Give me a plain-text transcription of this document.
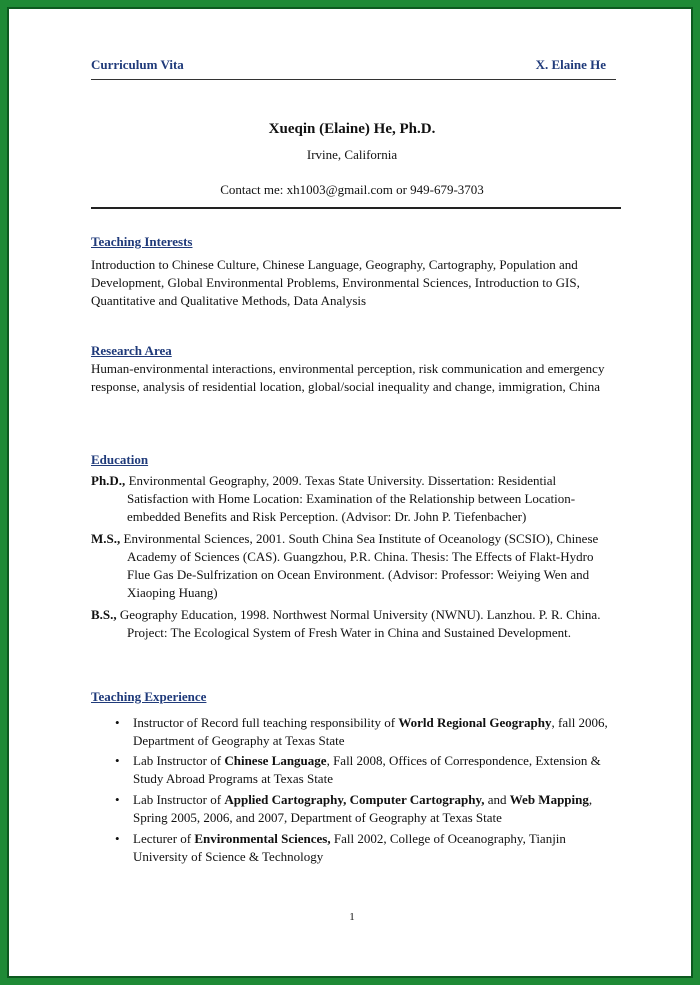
Curriculum Vita	X. Elaine He
Xueqin (Elaine) He, Ph.D.
Irvine, California
Contact me: xh1003@gmail.com or 949-679-3703
Teaching Interests
Introduction to Chinese Culture, Chinese Language, Geography, Cartography, Population and Development, Global Environmental Problems, Environmental Sciences, Introduction to GIS, Quantitative and Qualitative Methods, Data Analysis
Research Area
Human-environmental interactions, environmental perception, risk communication and emergency response, analysis of residential location, global/social inequality and change, immigration, China
Education
Ph.D., Environmental Geography, 2009. Texas State University. Dissertation: Residential Satisfaction with Home Location: Examination of the Relationship between Location-embedded Benefits and Risk Perception. (Advisor: Dr. John P. Tiefenbacher)
M.S., Environmental Sciences, 2001. South China Sea Institute of Oceanology (SCSIO), Chinese Academy of Sciences (CAS). Guangzhou, P.R. China. Thesis: The Effects of Flakt-Hydro Flue Gas De-Sulfrization on Ocean Environment. (Advisor: Professor: Weiying Wen and Xiaoping Huang)
B.S., Geography Education, 1998. Northwest Normal University (NWNU). Lanzhou. P. R. China. Project: The Ecological System of Fresh Water in China and Sustained Development.
Teaching Experience
•	Instructor of Record full teaching responsibility of World Regional Geography, fall 2006, Department of Geography at Texas State
•	Lab Instructor of Chinese Language, Fall 2008, Offices of Correspondence, Extension & Study Abroad Programs at Texas State
•	Lab Instructor of Applied Cartography, Computer Cartography, and Web Mapping, Spring 2005, 2006, and 2007, Department of Geography at Texas State
•	Lecturer of Environmental Sciences, Fall 2002, College of Oceanography, Tianjin University of Science & Technology
1
